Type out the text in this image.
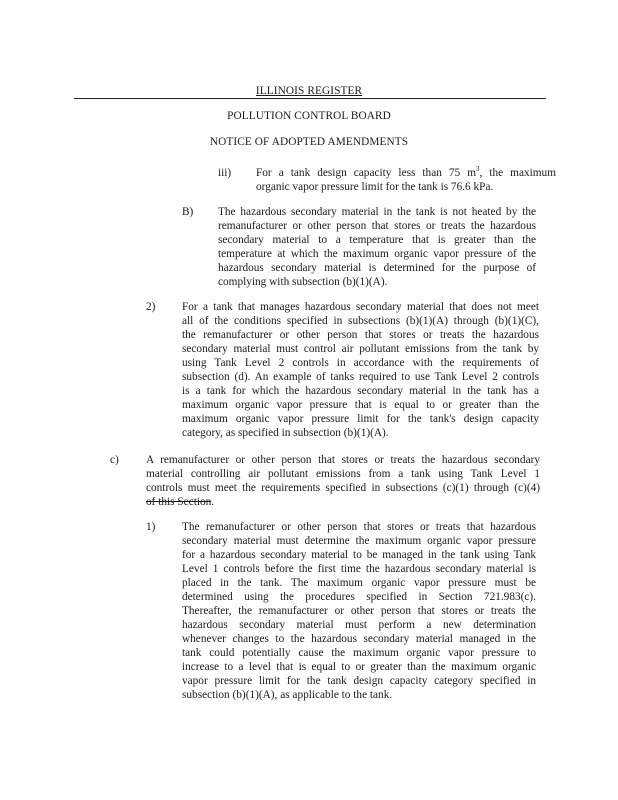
ILLINOIS REGISTER
POLLUTION CONTROL BOARD
NOTICE OF ADOPTED AMENDMENTS
iii) For a tank design capacity less than 75 $m^3$, the maximum
organic vapor pressure limit for the tank is 76.6 kPa.
B) The hazardous secondary material in the tank is not heated by the
remanufacturer or other person that stores or treats the hazardous
secondary material to a temperature that is greater than the
temperature at which the maximum organic vapor pressure of the
hazardous secondary material is determined for the purpose of
complying with subsection (b)(1)(A).
2) For a tank that manages hazardous secondary material that does not meet
all of the conditions specified in subsections (b)(1)(A) through (b)(1)(C),
the remanufacturer or other person that stores or treats the hazardous
secondary material must control air pollutant emissions from the tank by
using Tank Level 2 controls in accordance with the requirements of
subsection (d). An example of tanks required to use Tank Level 2 controls
is a tank for which the hazardous secondary material in the tank has a
maximum organic vapor pressure that is equal to or greater than the
maximum organic vapor pressure limit for the tank's design capacity
category, as specified in subsection (b)(1)(A).
c) A remanufacturer or other person that stores or treats the hazardous secondary
material controlling air pollutant emissions from a tank using Tank Level 1
controls must meet the requirements specified in subsections (c)(1) through (c)(4)
of this Section.
1) The remanufacturer or other person that stores or treats that hazardous
secondary material must determine the maximum organic vapor pressure
for a hazardous secondary material to be managed in the tank using Tank
Level 1 controls before the first time the hazardous secondary material is
placed in the tank. The maximum organic vapor pressure must be
determined using the procedures specified in Section 721.983(c).
Thereafter, the remanufacturer or other person that stores or treats the
hazardous secondary material must perform a new determination
whenever changes to the hazardous secondary material managed in the
tank could potentially cause the maximum organic vapor pressure to
increase to a level that is equal to or greater than the maximum organic
vapor pressure limit for the tank design capacity category specified in
subsection (b)(1)(A), as applicable to the tank.
